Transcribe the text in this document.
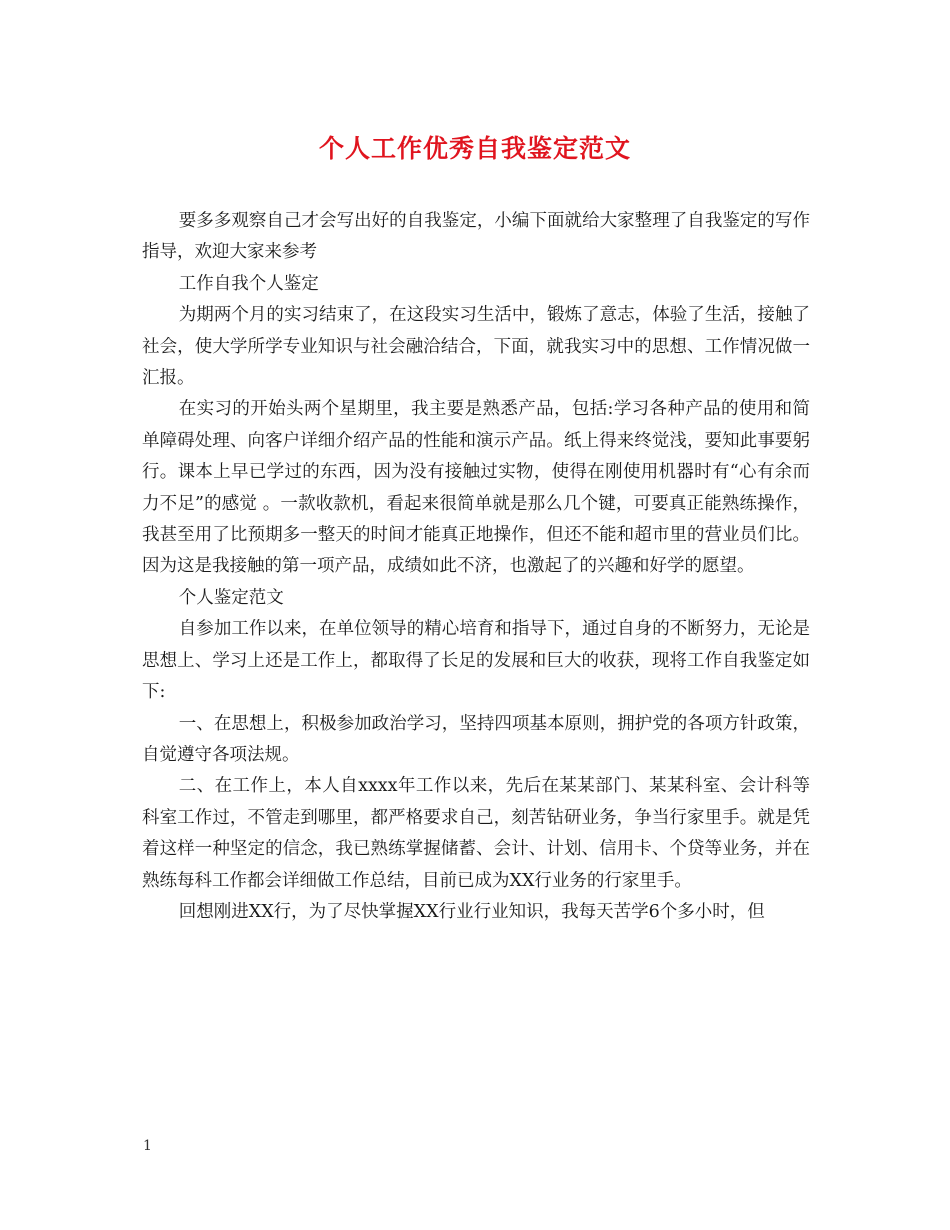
个人工作优秀自我鉴定范文

要多多观察自己才会写出好的自我鉴定，小编下面就给大家整理了自我鉴定的写作指导，欢迎大家来参考

工作自我个人鉴定

为期两个月的实习结束了，在这段实习生活中，锻炼了意志，体验了生活，接触了社会，使大学所学专业知识与社会融洽结合，下面，就我实习中的思想、工作情况做一汇报。

在实习的开始头两个星期里，我主要是熟悉产品，包括:学习各种产品的使用和简单障碍处理、向客户详细介绍产品的性能和演示产品。纸上得来终觉浅，要知此事要躬行。课本上早已学过的东西，因为没有接触过实物，使得在刚使用机器时有“心有余而力不足”的感觉 。一款收款机，看起来很简单就是那么几个键，可要真正能熟练操作，我甚至用了比预期多一整天的时间才能真正地操作，但还不能和超市里的营业员们比。因为这是我接触的第一项产品，成绩如此不济，也激起了的兴趣和好学的愿望。

个人鉴定范文

自参加工作以来，在单位领导的精心培育和指导下，通过自身的不断努力，无论是思想上、学习上还是工作上，都取得了长足的发展和巨大的收获，现将工作自我鉴定如下:

一、在思想上，积极参加政治学习，坚持四项基本原则，拥护党的各项方针政策，自觉遵守各项法规。

二、在工作上，本人自xxxx年工作以来，先后在某某部门、某某科室、会计科等科室工作过，不管走到哪里，都严格要求自己，刻苦钻研业务，争当行家里手。就是凭着这样一种坚定的信念，我已熟练掌握储蓄、会计、计划、信用卡、个贷等业务，并在熟练每科工作都会详细做工作总结，目前已成为XX行业务的行家里手。

回想刚进XX行，为了尽快掌握XX行业行业知识，我每天苦学6个多小时，但

1
